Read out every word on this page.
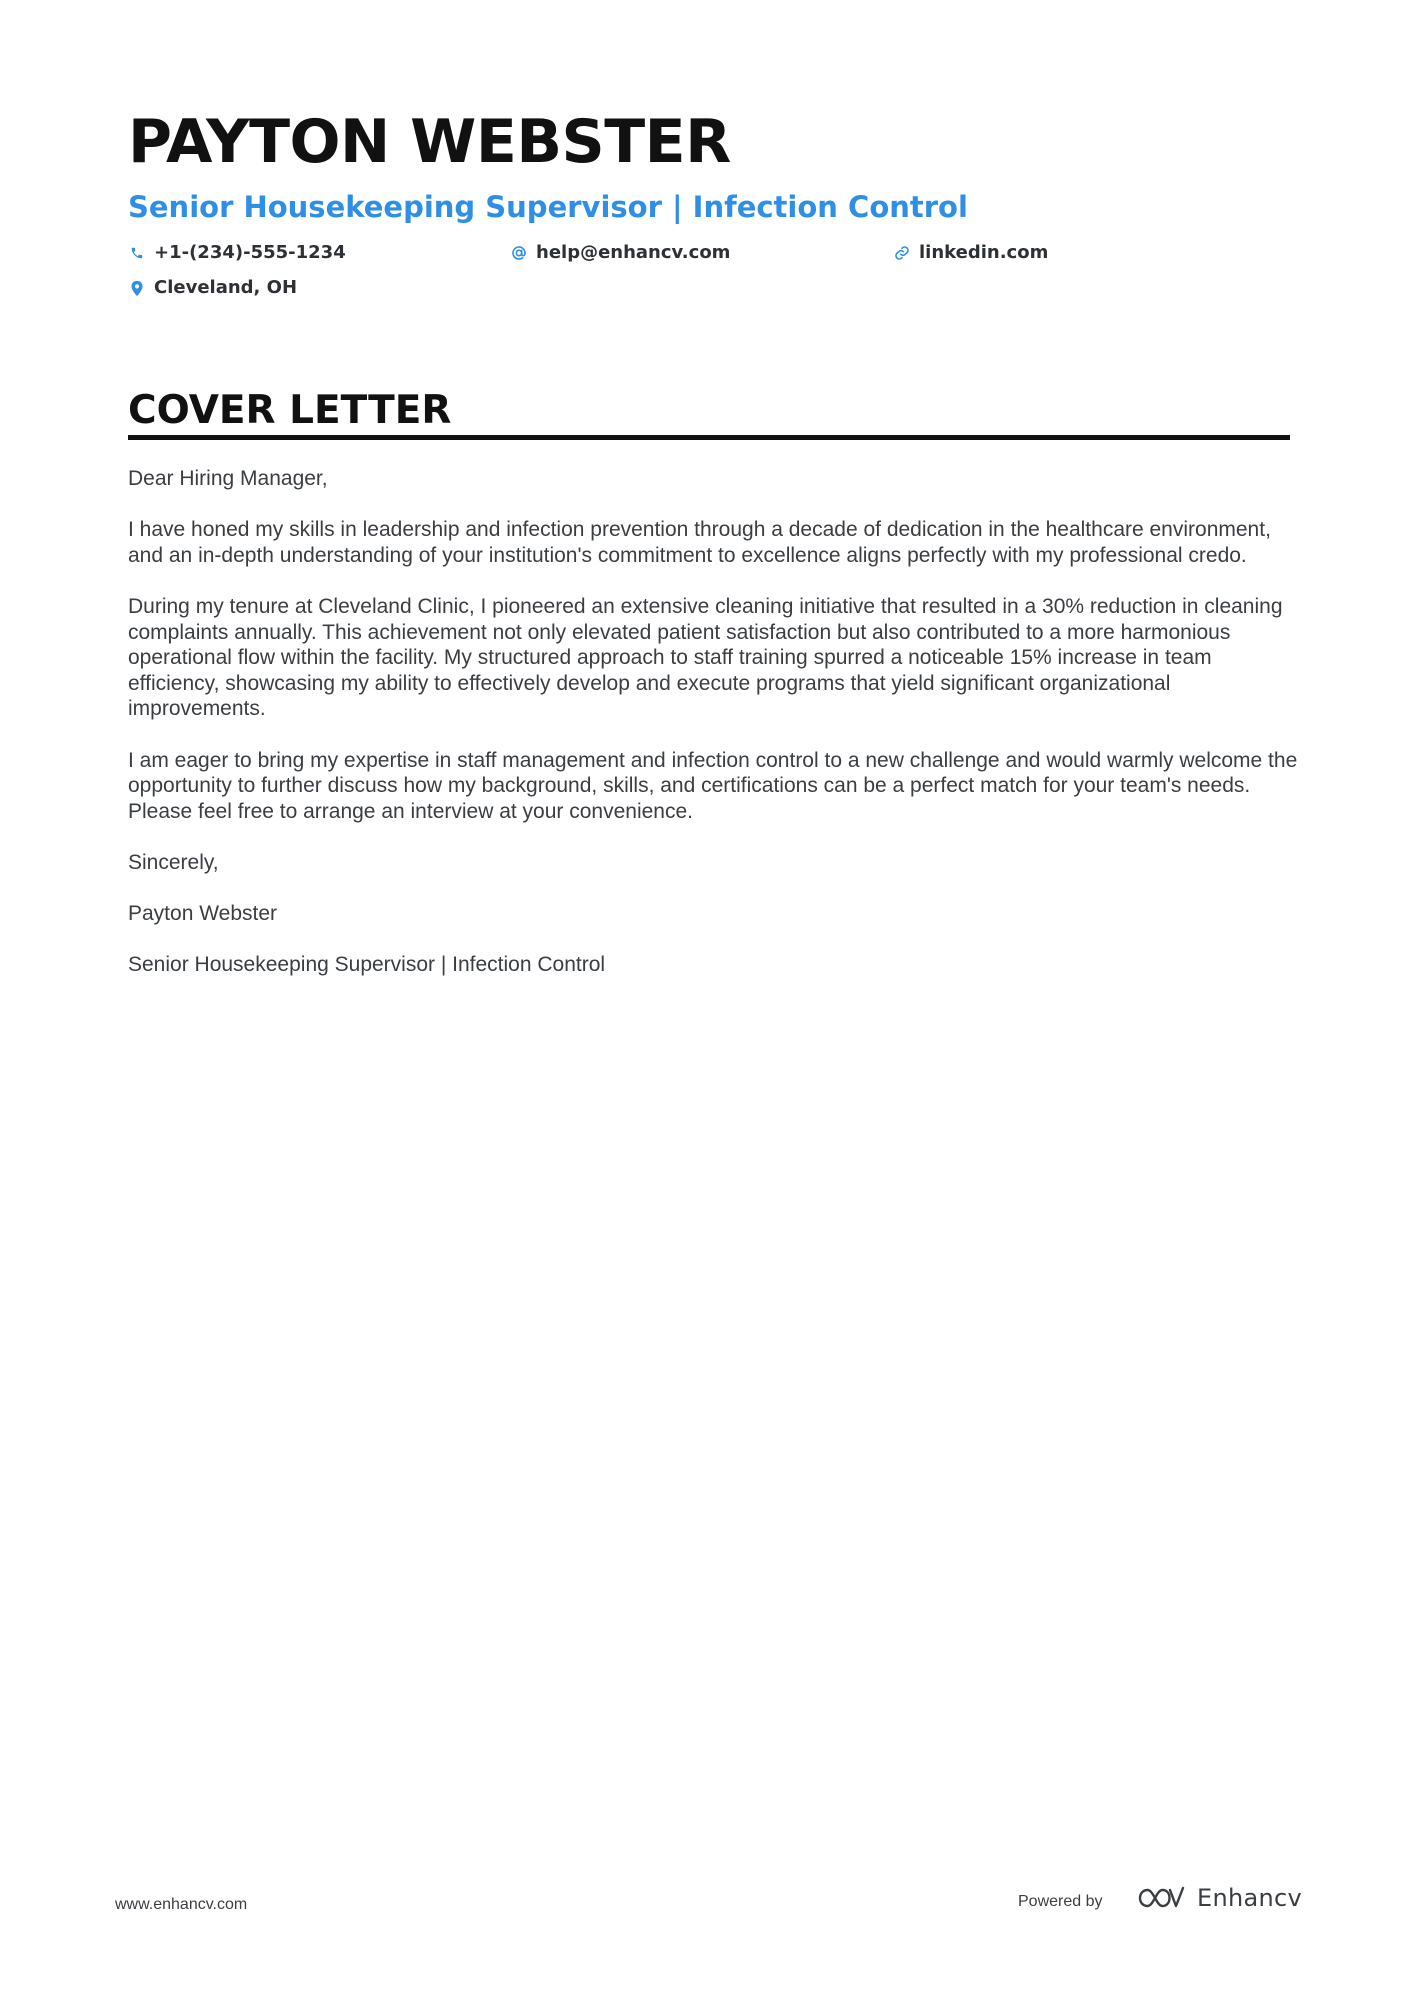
PAYTON WEBSTER
Senior Housekeeping Supervisor | Infection Control
+1-(234)-555-1234	help@enhancv.com	linkedin.com
Cleveland, OH
COVER LETTER

Dear Hiring Manager,

I have honed my skills in leadership and infection prevention through a decade of dedication in the healthcare environment, and an in-depth understanding of your institution's commitment to excellence aligns perfectly with my professional credo.

During my tenure at Cleveland Clinic, I pioneered an extensive cleaning initiative that resulted in a 30% reduction in cleaning complaints annually. This achievement not only elevated patient satisfaction but also contributed to a more harmonious operational flow within the facility. My structured approach to staff training spurred a noticeable 15% increase in team efficiency, showcasing my ability to effectively develop and execute programs that yield significant organizational improvements.

I am eager to bring my expertise in staff management and infection control to a new challenge and would warmly welcome the opportunity to further discuss how my background, skills, and certifications can be a perfect match for your team's needs. Please feel free to arrange an interview at your convenience.

Sincerely,

Payton Webster

Senior Housekeeping Supervisor | Infection Control

www.enhancv.com	Powered by	Enhancv
